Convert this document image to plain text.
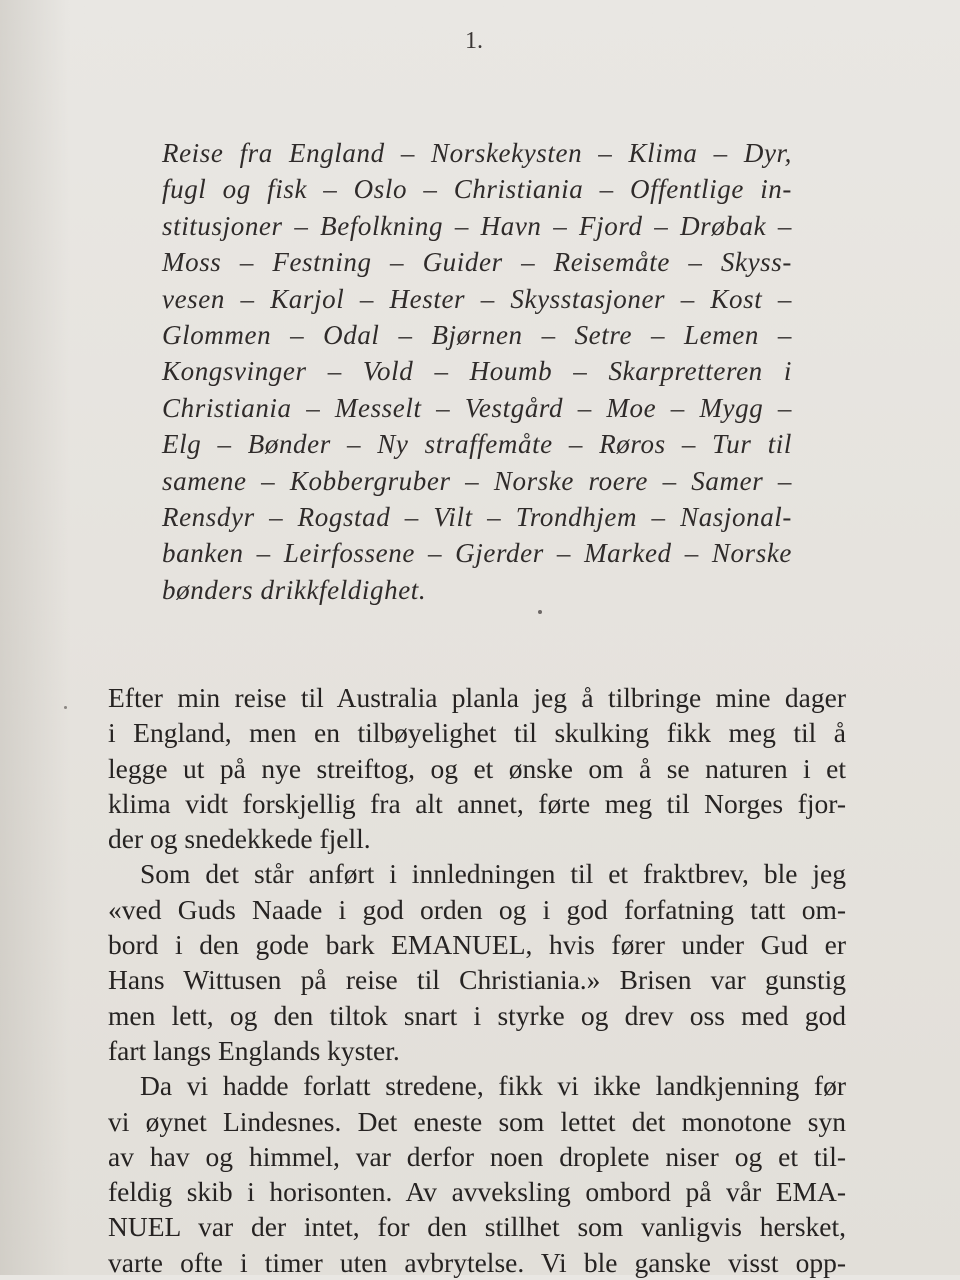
1.
Reise fra England – Norskekysten – Klima – Dyr,
fugl og fisk – Oslo – Christiania – Offentlige in-
stitusjoner – Befolkning – Havn – Fjord – Drøbak –
Moss – Festning – Guider – Reisemåte – Skyss-
vesen – Karjol – Hester – Skysstasjoner – Kost –
Glommen – Odal – Bjørnen – Setre – Lemen –
Kongsvinger – Vold – Houmb – Skarpretteren i
Christiania – Messelt – Vestgård – Moe – Mygg –
Elg – Bønder – Ny straffemåte – Røros – Tur til
samene – Kobbergruber – Norske roere – Samer –
Rensdyr – Rogstad – Vilt – Trondhjem – Nasjonal-
banken – Leirfossene – Gjerder – Marked – Norske
bønders drikkfeldighet.
Efter min reise til Australia planla jeg å tilbringe mine dager
i England, men en tilbøyelighet til skulking fikk meg til å
legge ut på nye streiftog, og et ønske om å se naturen i et
klima vidt forskjellig fra alt annet, førte meg til Norges fjor-
der og snedekkede fjell.
Som det står anført i innledningen til et fraktbrev, ble jeg
«ved Guds Naade i god orden og i god forfatning tatt om-
bord i den gode bark EMANUEL, hvis fører under Gud er
Hans Wittusen på reise til Christiania.» Brisen var gunstig
men lett, og den tiltok snart i styrke og drev oss med god
fart langs Englands kyster.
Da vi hadde forlatt stredene, fikk vi ikke landkjenning før
vi øynet Lindesnes. Det eneste som lettet det monotone syn
av hav og himmel, var derfor noen droplete niser og et til-
feldig skib i horisonten. Av avveksling ombord på vår EMA-
NUEL var der intet, for den stillhet som vanligvis hersket,
varte ofte i timer uten avbrytelse. Vi ble ganske visst opp-
